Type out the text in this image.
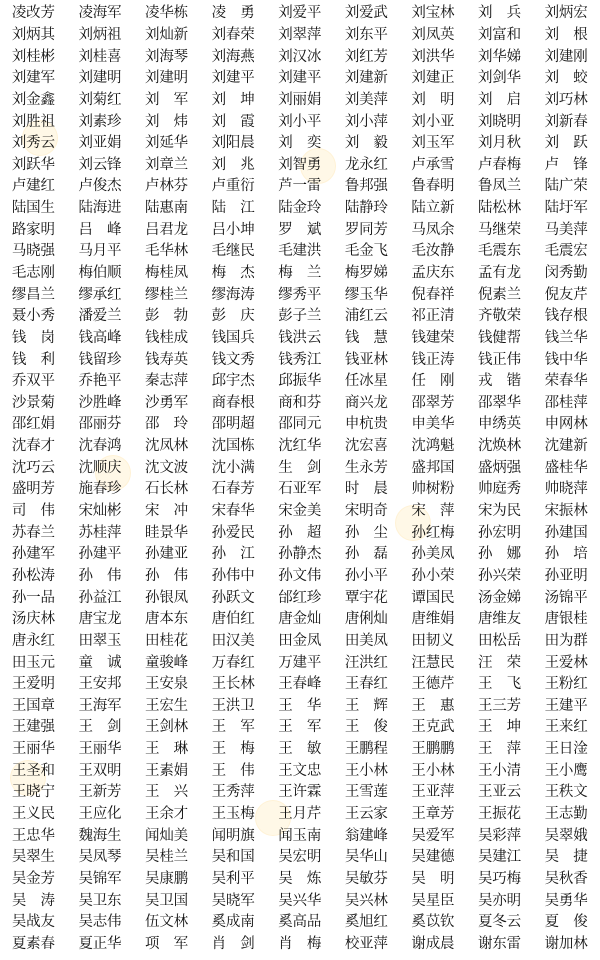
凌改芳	凌海军	凌华栋	凌　勇	刘爱平	刘爱武	刘宝林	刘　兵	刘炳宏
刘炳其	刘炳祖	刘灿新	刘春荣	刘翠萍	刘东平	刘凤英	刘富和	刘　根
刘桂彬	刘桂喜	刘海琴	刘海燕	刘汉冰	刘红芳	刘洪华	刘华娣	刘建刚
刘建军	刘建明	刘建明	刘建平	刘建平	刘建新	刘建正	刘剑华	刘　蛟
刘金鑫	刘菊红	刘　军	刘　坤	刘丽娟	刘美萍	刘　明	刘　启	刘巧林
刘胜祖	刘素珍	刘　炜	刘　霞	刘小平	刘小萍	刘小亚	刘晓明	刘新春
刘秀云	刘亚娟	刘延华	刘阳晨	刘　奕	刘　毅	刘玉军	刘月秋	刘　跃
刘跃华	刘云锋	刘章兰	刘　兆	刘智勇	龙永红	卢承雪	卢春梅	卢　锋
卢建红	卢俊杰	卢林芬	卢重衍	芦一雷	鲁邦强	鲁春明	鲁凤兰	陆广荣
陆国生	陆海进	陆惠南	陆　江	陆金玲	陆静玲	陆立新	陆松林	陆圩军
路家明	吕　峰	吕君龙	吕小坤	罗　斌	罗同芳	马凤余	马继荣	马美萍
马晓强	马月平	毛华林	毛继民	毛建洪	毛金飞	毛汝静	毛震东	毛震宏
毛志刚	梅伯顺	梅桂凤	梅　杰	梅　兰	梅罗娣	孟庆东	孟有龙	闵秀勤
缪昌兰	缪承红	缪桂兰	缪海涛	缪秀平	缪玉华	倪春祥	倪素兰	倪友芹
聂小秀	潘爱兰	彭　勃	彭　庆	彭子兰	浦红云	祁正清	齐敬荣	钱存根
钱　岗	钱高峰	钱桂成	钱国兵	钱洪云	钱　慧	钱建荣	钱健帮	钱兰华
钱　利	钱留珍	钱寿英	钱文秀	钱秀江	钱亚林	钱正涛	钱正伟	钱中华
乔双平	乔艳平	秦志萍	邱宇杰	邱振华	任冰星	任　刚	戎　锴	荣春华
沙景菊	沙胜峰	沙勇军	商春根	商和芬	商兴龙	邵翠芳	邵翠华	邵桂萍
邵红娟	邵丽芬	邵　玲	邵明超	邵同元	申杭贵	申美华	申绣英	申网林
沈春才	沈春鸿	沈凤林	沈国栋	沈红华	沈宏喜	沈鸿魁	沈焕林	沈建新
沈巧云	沈顺庆	沈文波	沈小满	生　剑	生永芳	盛邦国	盛炳强	盛桂华
盛明芳	施春珍	石长林	石春芳	石亚军	时　晨	帅树粉	帅庭秀	帅晓萍
司　伟	宋灿彬	宋　冲	宋春华	宋金美	宋明奇	宋　萍	宋为民	宋振林
苏春兰	苏桂萍	眭景华	孙爱民	孙　超	孙　尘	孙红梅	孙宏明	孙建国
孙建军	孙建平	孙建亚	孙　江	孙静杰	孙　磊	孙美凤	孙　娜	孙　培
孙松涛	孙　伟	孙　伟	孙伟中	孙文伟	孙小平	孙小荣	孙兴荣	孙亚明
孙一品	孙益江	孙银凤	孙跃文	邰红珍	覃宇花	谭国民	汤金娣	汤锦平
汤庆林	唐宝龙	唐本东	唐伯红	唐金灿	唐俐灿	唐维娟	唐维友	唐银桂
唐永红	田翠玉	田桂花	田汉美	田金凤	田美凤	田韧义	田松岳	田为群
田玉元	童　诚	童骏峰	万春红	万建平	汪洪红	汪慧民	汪　荣	王爱林
王爱明	王安邦	王安泉	王长林	王春峰	王春红	王德芹	王　飞	王粉红
王国章	王海军	王宏生	王洪卫	王　华	王　辉	王　惠	王三芳	王建平
王建强	王　剑	王剑林	王　军	王　军	王　俊	王克武	王　坤	王来红
王丽华	王丽华	王　琳	王　梅	王　敏	王鹏程	王鹏鹏	王　萍	王日淦
王圣和	王双明	王素娟	王　伟	王文忠	王小林	王小林	王小清	王小鹰
王晓宁	王新芳	王　兴	王秀萍	王许霖	王雪莲	王亚萍	王亚云	王秩文
王义民	王应化	王余才	王玉梅	王月芹	王云家	王章芳	王振花	王志勤
王忠华	魏海生	闻灿美	闻明旗	闻玉南	翁建峰	吴爱军	吴彩萍	吴翠娥
吴翠生	吴凤琴	吴桂兰	吴和国	吴宏明	吴华山	吴建德	吴建江	吴　捷
吴金芳	吴锦军	吴康鹏	吴利平	吴　炼	吴敏芬	吴　明	吴巧梅	吴秋香
吴　涛	吴卫东	吴卫国	吴晓军	吴兴华	吴兴林	吴星臣	吴亦明	吴勇华
吴战友	吴志伟	伍文林	奚成南	奚高品	奚旭红	奚苡钦	夏冬云	夏　俊
夏素春	夏正华	项　军	肖　剑	肖　梅	校亚萍	谢成晨	谢东雷	谢加林
